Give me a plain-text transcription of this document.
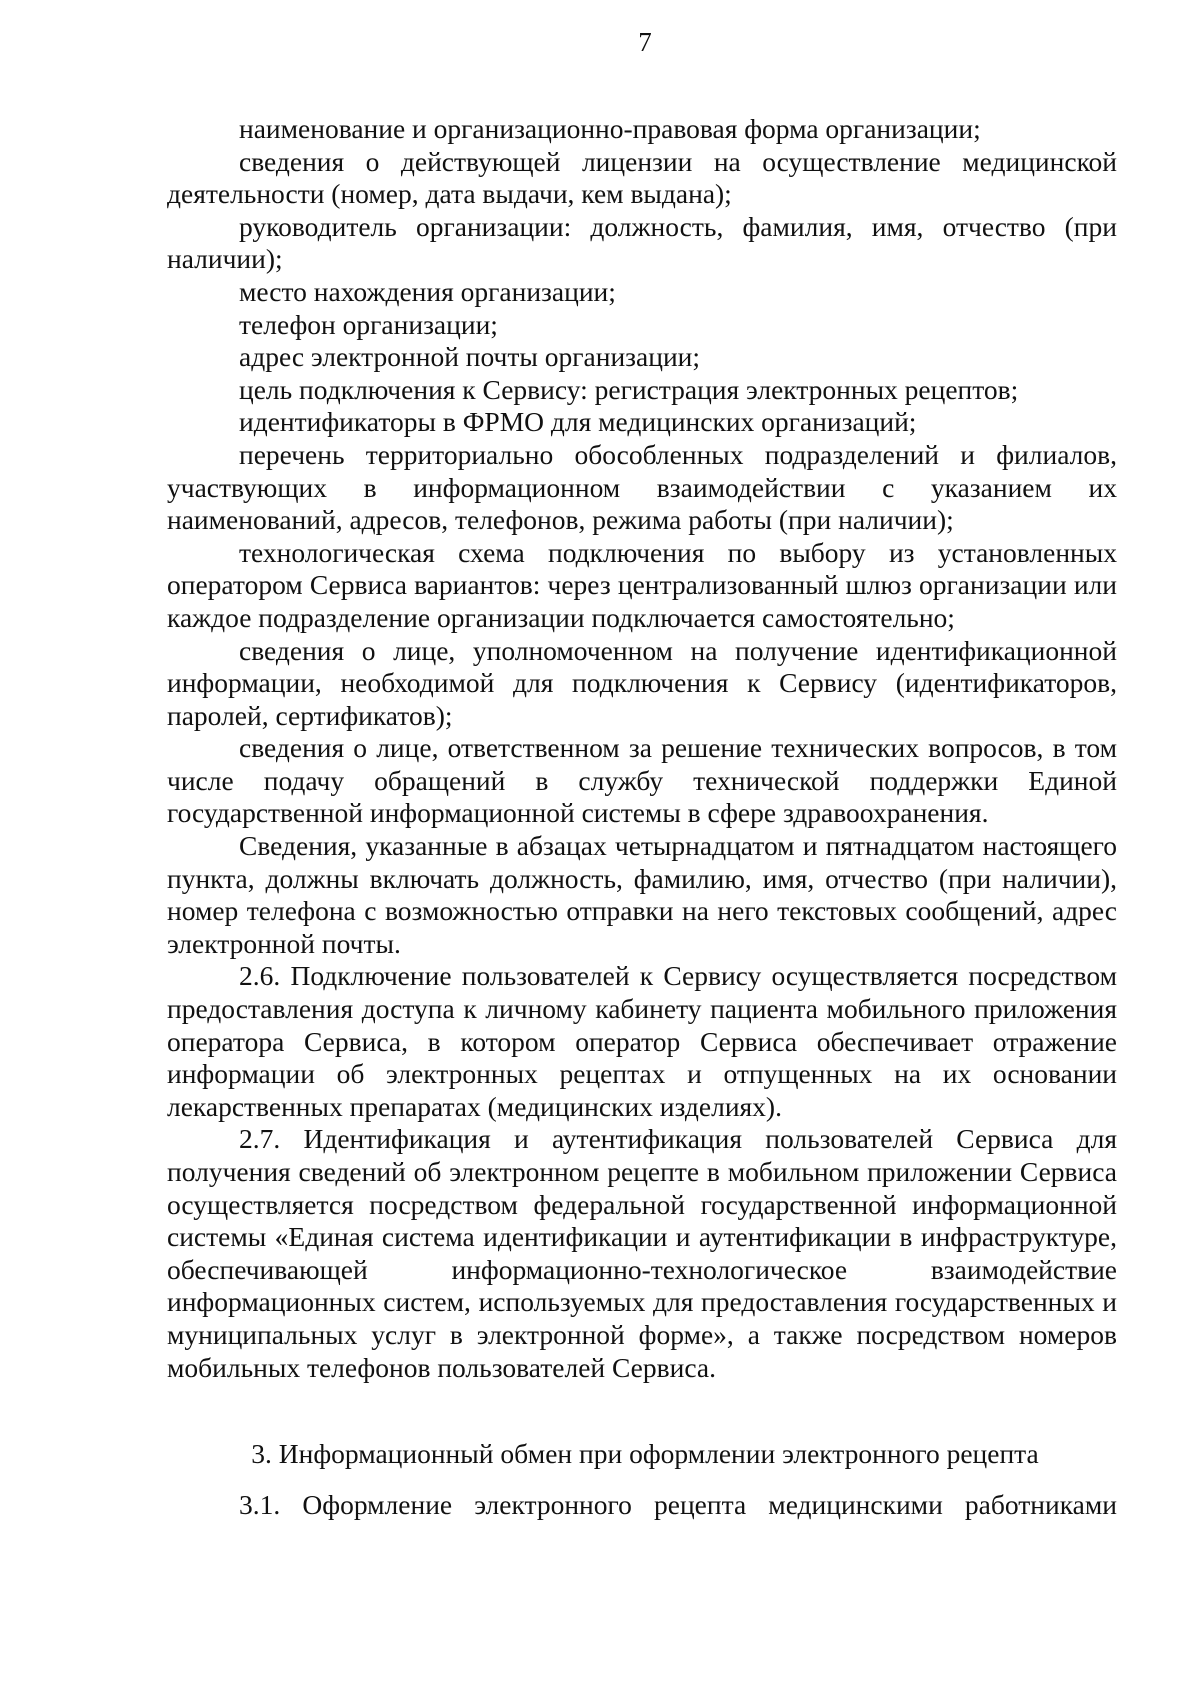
7

наименование и организационно-правовая форма организации;

сведения о действующей лицензии на осуществление медицинской деятельности (номер, дата выдачи, кем выдана);

руководитель организации: должность, фамилия, имя, отчество (при наличии);

место нахождения организации;

телефон организации;

адрес электронной почты организации;

цель подключения к Сервису: регистрация электронных рецептов;

идентификаторы в ФРМО для медицинских организаций;

перечень территориально обособленных подразделений и филиалов, участвующих в информационном взаимодействии с указанием их наименований, адресов, телефонов, режима работы (при наличии);

технологическая схема подключения по выбору из установленных оператором Сервиса вариантов: через централизованный шлюз организации или каждое подразделение организации подключается самостоятельно;

сведения о лице, уполномоченном на получение идентификационной информации, необходимой для подключения к Сервису (идентификаторов, паролей, сертификатов);

сведения о лице, ответственном за решение технических вопросов, в том числе подачу обращений в службу технической поддержки Единой государственной информационной системы в сфере здравоохранения.

Сведения, указанные в абзацах четырнадцатом и пятнадцатом настоящего пункта, должны включать должность, фамилию, имя, отчество (при наличии), номер телефона с возможностью отправки на него текстовых сообщений, адрес электронной почты.

2.6. Подключение пользователей к Сервису осуществляется посредством предоставления доступа к личному кабинету пациента мобильного приложения оператора Сервиса, в котором оператор Сервиса обеспечивает отражение информации об электронных рецептах и отпущенных на их основании лекарственных препаратах (медицинских изделиях).

2.7. Идентификация и аутентификация пользователей Сервиса для получения сведений об электронном рецепте в мобильном приложении Сервиса осуществляется посредством федеральной государственной информационной системы «Единая система идентификации и аутентификации в инфраструктуре, обеспечивающей информационно-технологическое взаимодействие информационных систем, используемых для предоставления государственных и муниципальных услуг в электронной форме», а также посредством номеров мобильных телефонов пользователей Сервиса.

3. Информационный обмен при оформлении электронного рецепта

3.1. Оформление электронного рецепта медицинскими работниками
